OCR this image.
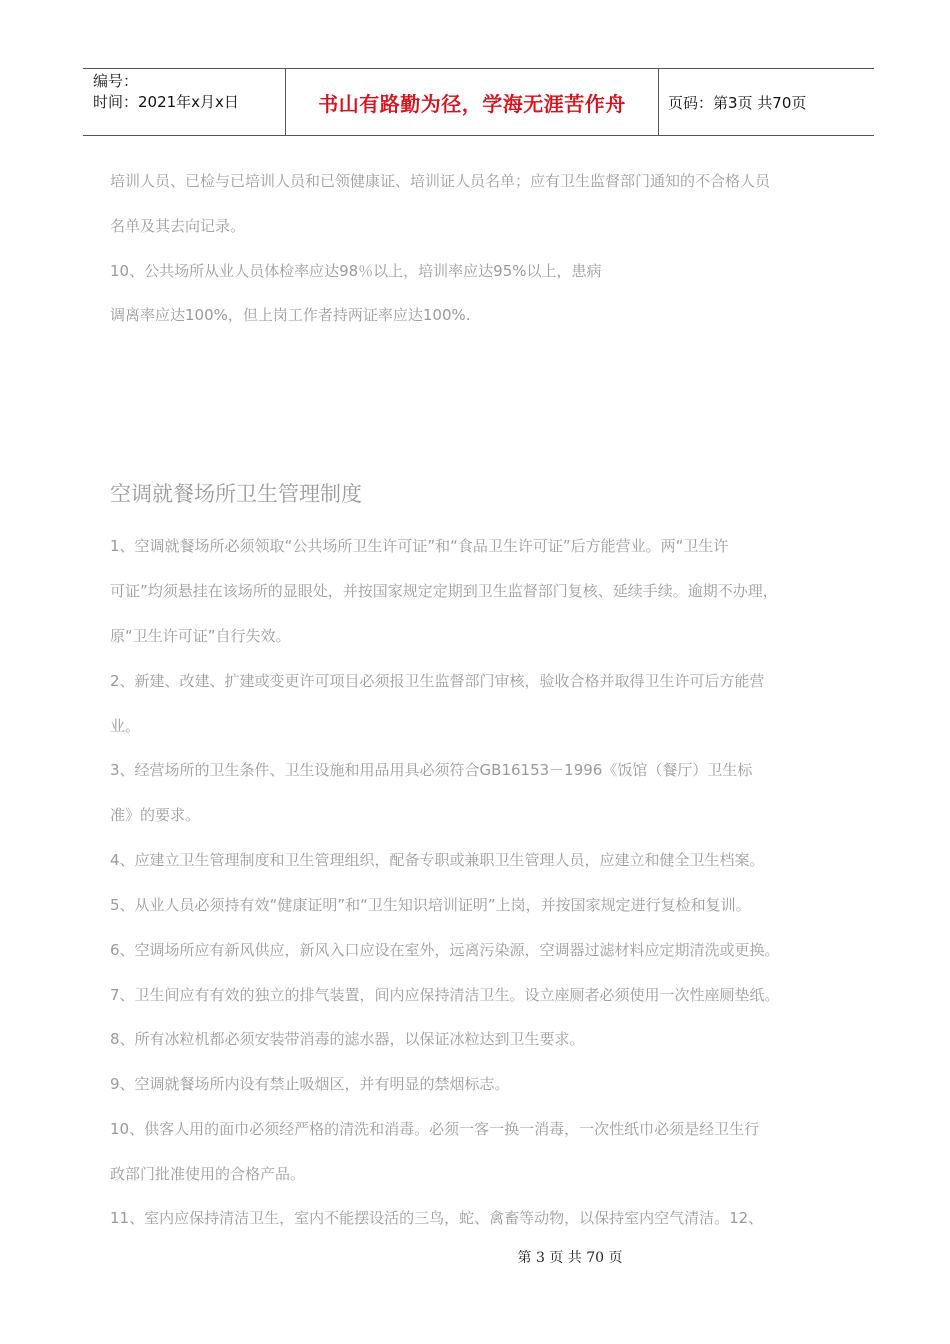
编号：
时间：2021年x月x日	书山有路勤为径，学海无涯苦作舟	页码：第3页 共70页
培训人员、已检与已培训人员和已领健康证、培训证人员名单；应有卫生监督部门通知的不合格人员
名单及其去向记录。
10、公共场所从业人员体检率应达98％以上，培训率应达95%以上，患病
调离率应达100%，但上岗工作者持两证率应达100%.
空调就餐场所卫生管理制度
1、空调就餐场所必须领取“公共场所卫生许可证”和“食品卫生许可证”后方能营业。两“卫生许
可证”均须悬挂在该场所的显眼处，并按国家规定定期到卫生监督部门复核、延续手续。逾期不办理，
原“卫生许可证”自行失效。
2、新建、改建、扩建或变更许可项目必须报卫生监督部门审核，验收合格并取得卫生许可后方能营
业。
3、经营场所的卫生条件、卫生设施和用品用具必须符合GB16153－1996《饭馆（餐厅）卫生标
准》的要求。
4、应建立卫生管理制度和卫生管理组织，配备专职或兼职卫生管理人员，应建立和健全卫生档案。
5、从业人员必须持有效“健康证明”和“卫生知识培训证明”上岗，并按国家规定进行复检和复训。
6、空调场所应有新风供应，新风入口应设在室外，远离污染源，空调器过滤材料应定期清洗或更换。
7、卫生间应有有效的独立的排气装置，间内应保持清洁卫生。设立座厕者必须使用一次性座厕垫纸。
8、所有冰粒机都必须安装带消毒的滤水器，以保证冰粒达到卫生要求。
9、空调就餐场所内设有禁止吸烟区，并有明显的禁烟标志。
10、供客人用的面巾必须经严格的清洗和消毒。必须一客一换一消毒，一次性纸巾必须是经卫生行
政部门批准使用的合格产品。
11、室内应保持清洁卫生，室内不能摆设活的三鸟，蛇、禽畜等动物，以保持室内空气清洁。12、
第 3 页 共 70 页
